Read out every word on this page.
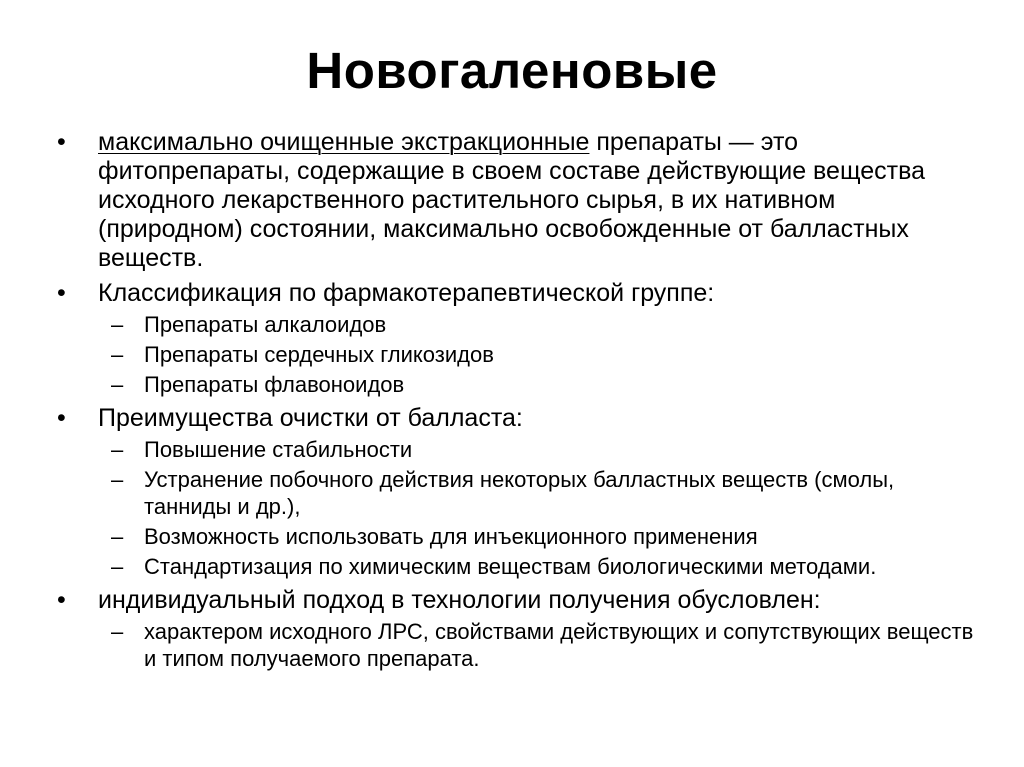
Новогаленовые
• максимально очищенные экстракционные препараты — это фитопрепараты, содержащие в своем составе действующие вещества исходного лекарственного растительного сырья, в их нативном (природном) состоянии, максимально освобожденные от балластных веществ.
• Классификация по фармакотерапевтической группе:
– Препараты алкалоидов
– Препараты сердечных гликозидов
– Препараты флавоноидов
• Преимущества очистки от балласта:
– Повышение стабильности
– Устранение побочного действия некоторых балластных веществ (смолы, танниды и др.),
– Возможность использовать для инъекционного применения
– Стандартизация по химическим веществам биологическими методами.
• индивидуальный подход в технологии получения обусловлен:
– характером исходного ЛРС, свойствами действующих и сопутствующих веществ и типом получаемого препарата.
